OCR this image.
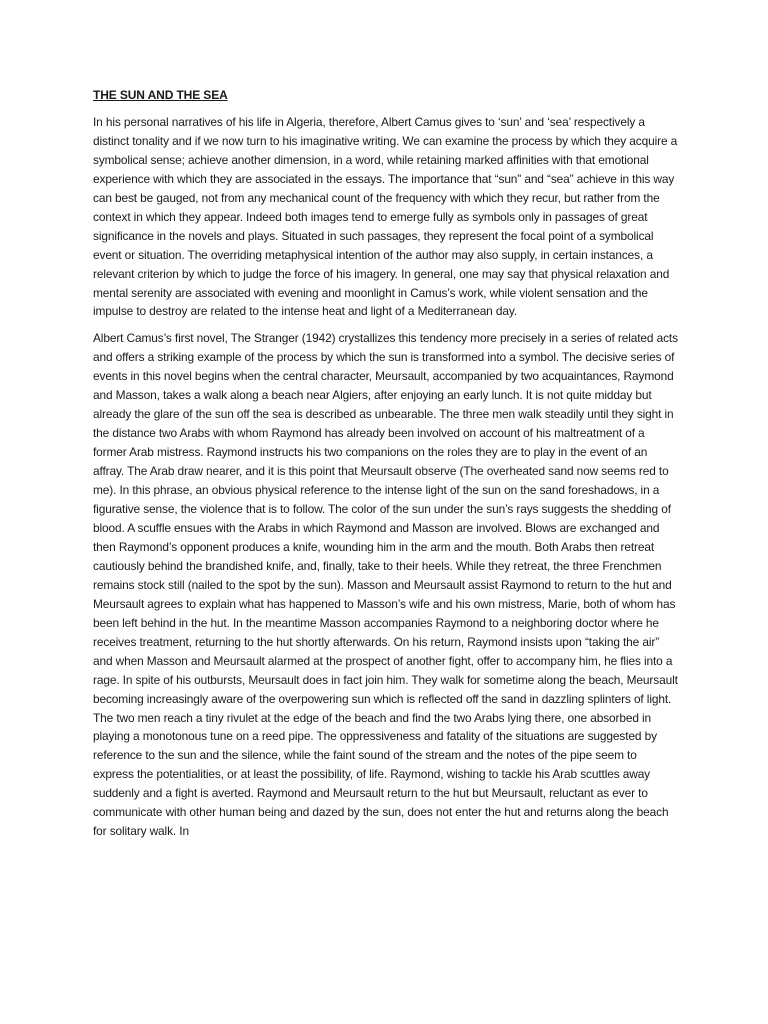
THE SUN AND THE SEA

In his personal narratives of his life in Algeria, therefore, Albert Camus gives to ‘sun’ and ‘sea’ respectively a distinct tonality and if we now turn to his imaginative writing. We can examine the process by which they acquire a symbolical sense; achieve another dimension, in a word, while retaining marked affinities with that emotional experience with which they are associated in the essays. The importance that “sun” and “sea” achieve in this way can best be gauged, not from any mechanical count of the frequency with which they recur, but rather from the context in which they appear. Indeed both images tend to emerge fully as symbols only in passages of great significance in the novels and plays. Situated in such passages, they represent the focal point of a symbolical event or situation. The overriding metaphysical intention of the author may also supply, in certain instances, a relevant criterion by which to judge the force of his imagery. In general, one may say that physical relaxation and mental serenity are associated with evening and moonlight in Camus’s work, while violent sensation and the impulse to destroy are related to the intense heat and light of a Mediterranean day.

Albert Camus’s first novel, The Stranger (1942) crystallizes this tendency more precisely in a series of related acts and offers a striking example of the process by which the sun is transformed into a symbol. The decisive series of events in this novel begins when the central character, Meursault, accompanied by two acquaintances, Raymond and Masson, takes a walk along a beach near Algiers, after enjoying an early lunch. It is not quite midday but already the glare of the sun off the sea is described as unbearable. The three men walk steadily until they sight in the distance two Arabs with whom Raymond has already been involved on account of his maltreatment of a former Arab mistress. Raymond instructs his two companions on the roles they are to play in the event of an affray. The Arab draw nearer, and it is this point that Meursault observe (The overheated sand now seems red to me). In this phrase, an obvious physical reference to the intense light of the sun on the sand foreshadows, in a figurative sense, the violence that is to follow. The color of the sun under the sun’s rays suggests the shedding of blood. A scuffle ensues with the Arabs in which Raymond and Masson are involved. Blows are exchanged and then Raymond’s opponent produces a knife, wounding him in the arm and the mouth. Both Arabs then retreat cautiously behind the brandished knife, and, finally, take to their heels. While they retreat, the three Frenchmen remains stock still (nailed to the spot by the sun). Masson and Meursault assist Raymond to return to the hut and Meursault agrees to explain what has happened to Masson’s wife and his own mistress, Marie, both of whom has been left behind in the hut. In the meantime Masson accompanies Raymond to a neighboring doctor where he receives treatment, returning to the hut shortly afterwards. On his return, Raymond insists upon “taking the air” and when Masson and Meursault alarmed at the prospect of another fight, offer to accompany him, he flies into a rage. In spite of his outbursts, Meursault does in fact join him. They walk for sometime along the beach, Meursault becoming increasingly aware of the overpowering sun which is reflected off the sand in dazzling splinters of light. The two men reach a tiny rivulet at the edge of the beach and find the two Arabs lying there, one absorbed in playing a monotonous tune on a reed pipe. The oppressiveness and fatality of the situations are suggested by reference to the sun and the silence, while the faint sound of the stream and the notes of the pipe seem to express the potentialities, or at least the possibility, of life. Raymond, wishing to tackle his Arab scuttles away suddenly and a fight is averted. Raymond and Meursault return to the hut but Meursault, reluctant as ever to communicate with other human being and dazed by the sun, does not enter the hut and returns along the beach for solitary walk. In
